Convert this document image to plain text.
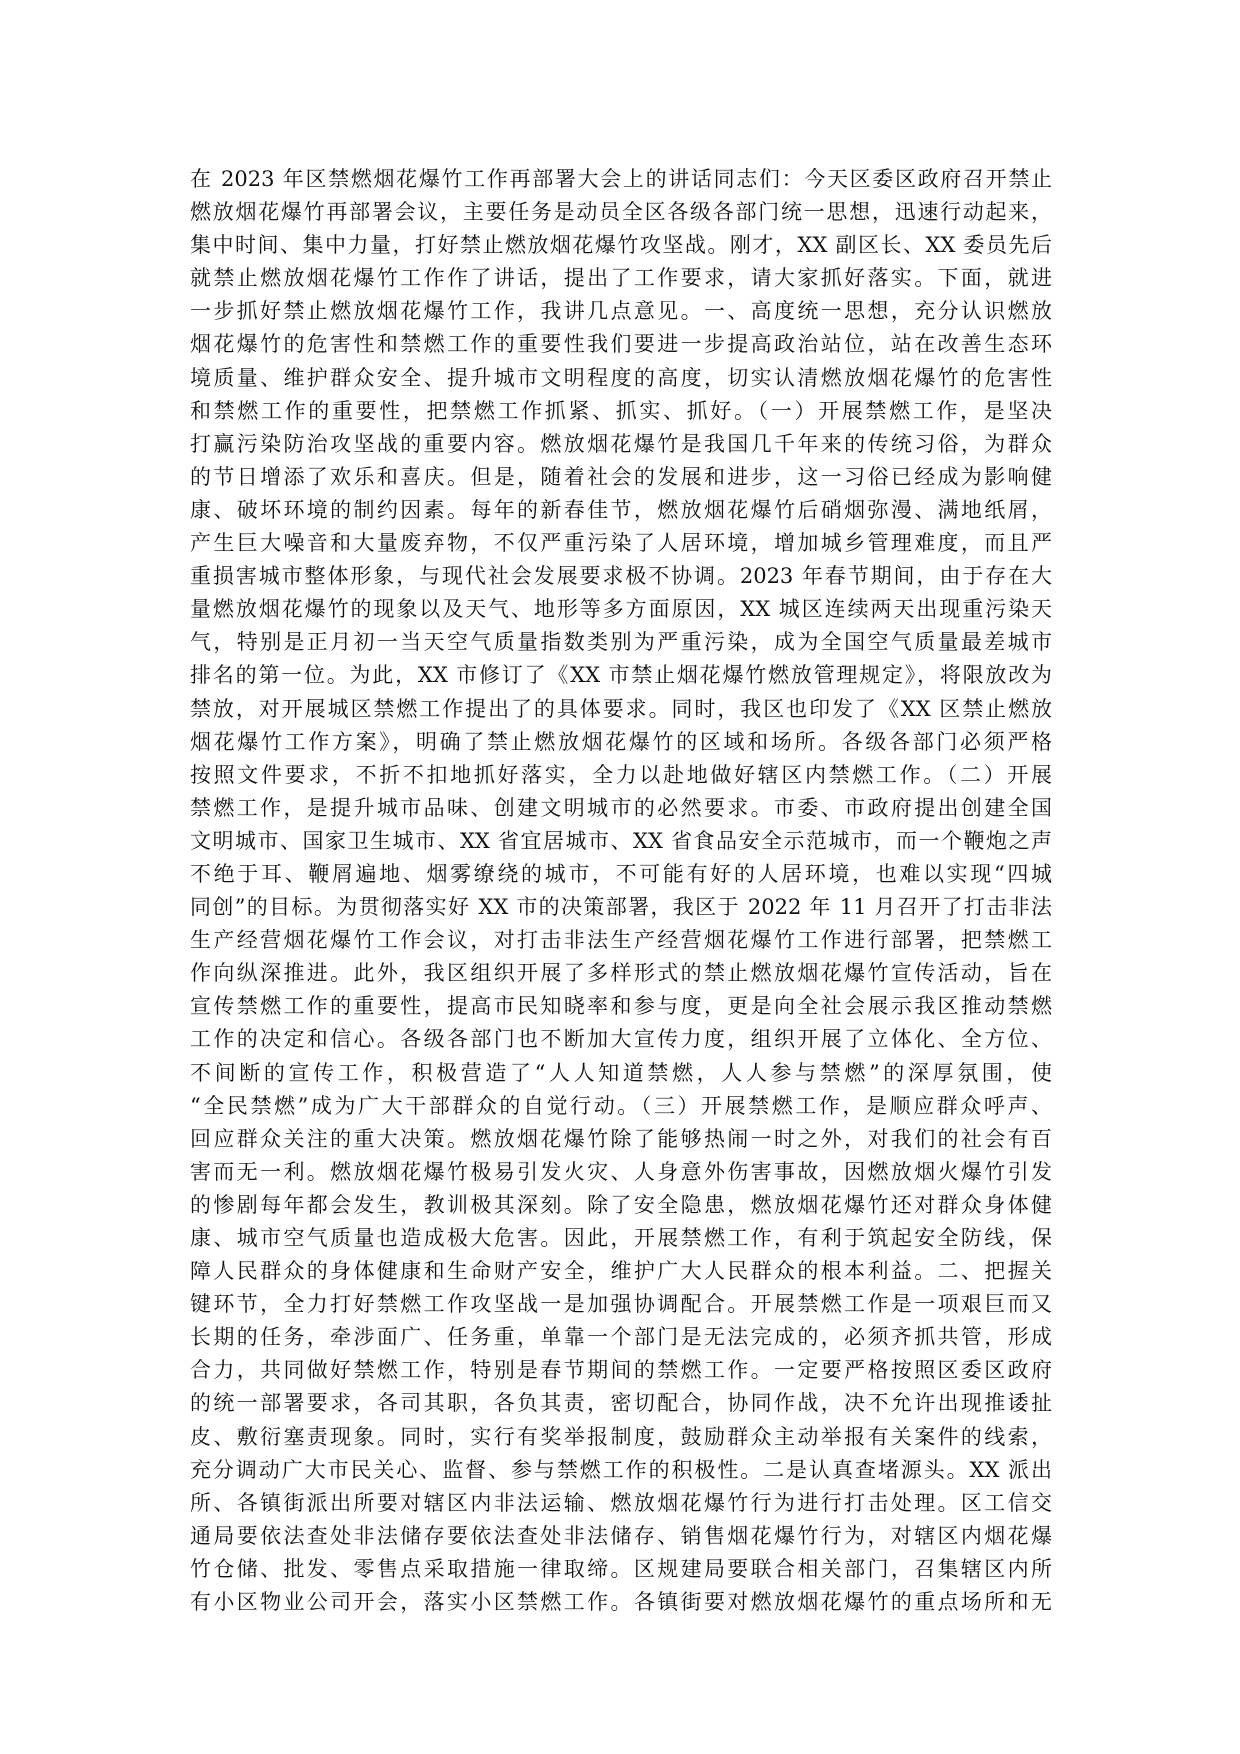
在 2023 年区禁燃烟花爆竹工作再部署大会上的讲话同志们：今天区委区政府召开禁止
燃放烟花爆竹再部署会议，主要任务是动员全区各级各部门统一思想，迅速行动起来，
集中时间、集中力量，打好禁止燃放烟花爆竹攻坚战。刚才，XX 副区长、XX 委员先后
就禁止燃放烟花爆竹工作作了讲话，提出了工作要求，请大家抓好落实。下面，就进
一步抓好禁止燃放烟花爆竹工作，我讲几点意见。一、高度统一思想，充分认识燃放
烟花爆竹的危害性和禁燃工作的重要性我们要进一步提高政治站位，站在改善生态环
境质量、维护群众安全、提升城市文明程度的高度，切实认清燃放烟花爆竹的危害性
和禁燃工作的重要性，把禁燃工作抓紧、抓实、抓好。（一）开展禁燃工作，是坚决
打赢污染防治攻坚战的重要内容。燃放烟花爆竹是我国几千年来的传统习俗，为群众
的节日增添了欢乐和喜庆。但是，随着社会的发展和进步，这一习俗已经成为影响健
康、破坏环境的制约因素。每年的新春佳节，燃放烟花爆竹后硝烟弥漫、满地纸屑，
产生巨大噪音和大量废弃物，不仅严重污染了人居环境，增加城乡管理难度，而且严
重损害城市整体形象，与现代社会发展要求极不协调。2023 年春节期间，由于存在大
量燃放烟花爆竹的现象以及天气、地形等多方面原因，XX 城区连续两天出现重污染天
气，特别是正月初一当天空气质量指数类别为严重污染，成为全国空气质量最差城市
排名的第一位。为此，XX 市修订了《XX 市禁止烟花爆竹燃放管理规定》，将限放改为
禁放，对开展城区禁燃工作提出了的具体要求。同时，我区也印发了《XX 区禁止燃放
烟花爆竹工作方案》，明确了禁止燃放烟花爆竹的区域和场所。各级各部门必须严格
按照文件要求，不折不扣地抓好落实，全力以赴地做好辖区内禁燃工作。（二）开展
禁燃工作，是提升城市品味、创建文明城市的必然要求。市委、市政府提出创建全国
文明城市、国家卫生城市、XX 省宜居城市、XX 省食品安全示范城市，而一个鞭炮之声
不绝于耳、鞭屑遍地、烟雾缭绕的城市，不可能有好的人居环境，也难以实现“四城
同创”的目标。为贯彻落实好 XX 市的决策部署，我区于 2022 年 11 月召开了打击非法
生产经营烟花爆竹工作会议，对打击非法生产经营烟花爆竹工作进行部署，把禁燃工
作向纵深推进。此外，我区组织开展了多样形式的禁止燃放烟花爆竹宣传活动，旨在
宣传禁燃工作的重要性，提高市民知晓率和参与度，更是向全社会展示我区推动禁燃
工作的决定和信心。各级各部门也不断加大宣传力度，组织开展了立体化、全方位、
不间断的宣传工作，积极营造了“人人知道禁燃，人人参与禁燃”的深厚氛围，使
“全民禁燃”成为广大干部群众的自觉行动。（三）开展禁燃工作，是顺应群众呼声、
回应群众关注的重大决策。燃放烟花爆竹除了能够热闹一时之外，对我们的社会有百
害而无一利。燃放烟花爆竹极易引发火灾、人身意外伤害事故，因燃放烟火爆竹引发
的惨剧每年都会发生，教训极其深刻。除了安全隐患，燃放烟花爆竹还对群众身体健
康、城市空气质量也造成极大危害。因此，开展禁燃工作，有利于筑起安全防线，保
障人民群众的身体健康和生命财产安全，维护广大人民群众的根本利益。二、把握关
键环节，全力打好禁燃工作攻坚战一是加强协调配合。开展禁燃工作是一项艰巨而又
长期的任务，牵涉面广、任务重，单靠一个部门是无法完成的，必须齐抓共管，形成
合力，共同做好禁燃工作，特别是春节期间的禁燃工作。一定要严格按照区委区政府
的统一部署要求，各司其职，各负其责，密切配合，协同作战，决不允许出现推诿扯
皮、敷衍塞责现象。同时，实行有奖举报制度，鼓励群众主动举报有关案件的线索，
充分调动广大市民关心、监督、参与禁燃工作的积极性。二是认真查堵源头。XX 派出
所、各镇街派出所要对辖区内非法运输、燃放烟花爆竹行为进行打击处理。区工信交
通局要依法查处非法储存要依法查处非法储存、销售烟花爆竹行为，对辖区内烟花爆
竹仓储、批发、零售点采取措施一律取缔。区规建局要联合相关部门，召集辖区内所
有小区物业公司开会，落实小区禁燃工作。各镇街要对燃放烟花爆竹的重点场所和无
